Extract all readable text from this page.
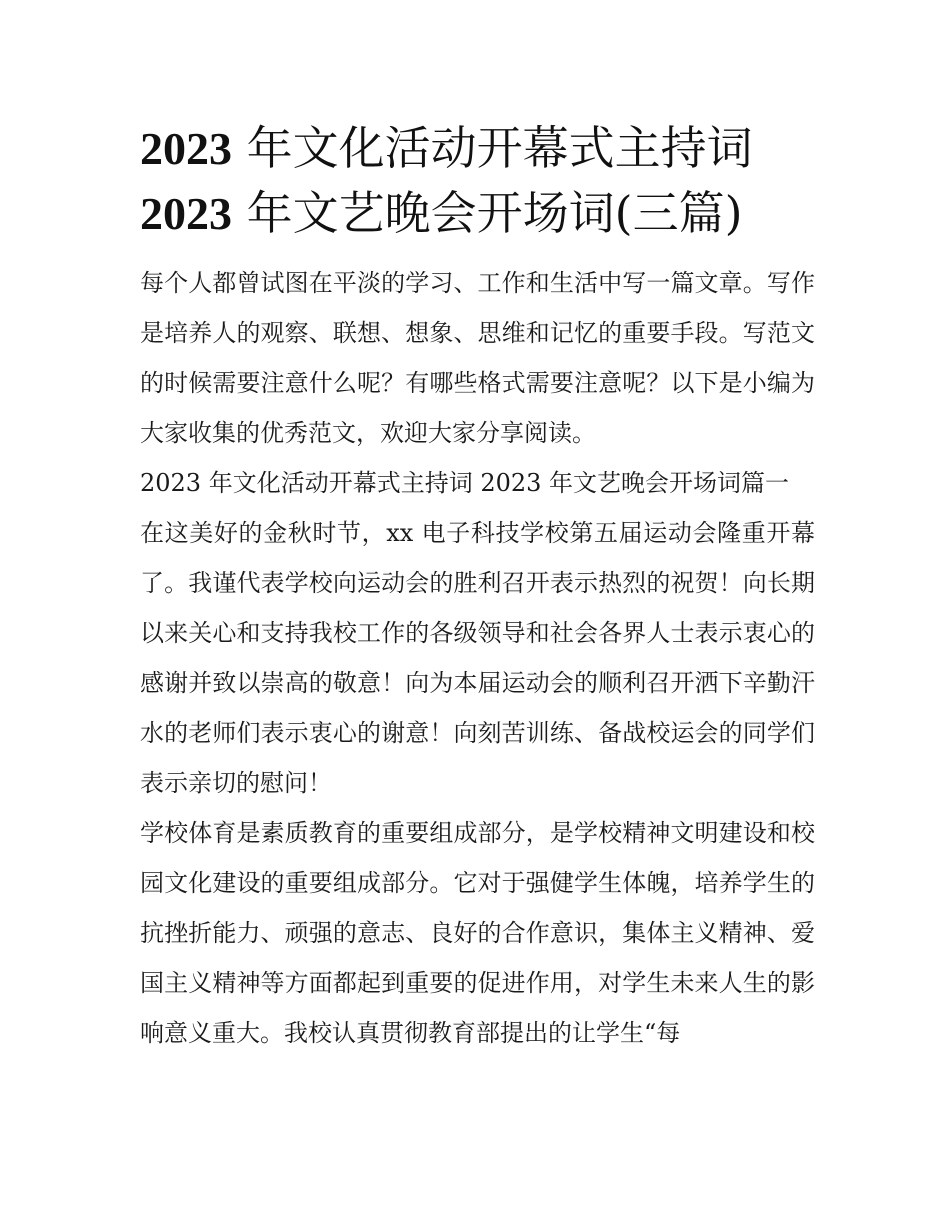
2023 年文化活动开幕式主持词
2023 年文艺晚会开场词(三篇)

每个人都曾试图在平淡的学习、工作和生活中写一篇文章。写作是培养人的观察、联想、想象、思维和记忆的重要手段。写范文的时候需要注意什么呢？有哪些格式需要注意呢？以下是小编为大家收集的优秀范文，欢迎大家分享阅读。

2023 年文化活动开幕式主持词 2023 年文艺晚会开场词篇一

在这美好的金秋时节，xx 电子科技学校第五届运动会隆重开幕了。我谨代表学校向运动会的胜利召开表示热烈的祝贺！向长期以来关心和支持我校工作的各级领导和社会各界人士表示衷心的感谢并致以崇高的敬意！向为本届运动会的顺利召开洒下辛勤汗水的老师们表示衷心的谢意！向刻苦训练、备战校运会的同学们表示亲切的慰问！

学校体育是素质教育的重要组成部分，是学校精神文明建设和校园文化建设的重要组成部分。它对于强健学生体魄，培养学生的抗挫折能力、顽强的意志、良好的合作意识，集体主义精神、爱国主义精神等方面都起到重要的促进作用，对学生未来人生的影响意义重大。我校认真贯彻教育部提出的让学生“每
